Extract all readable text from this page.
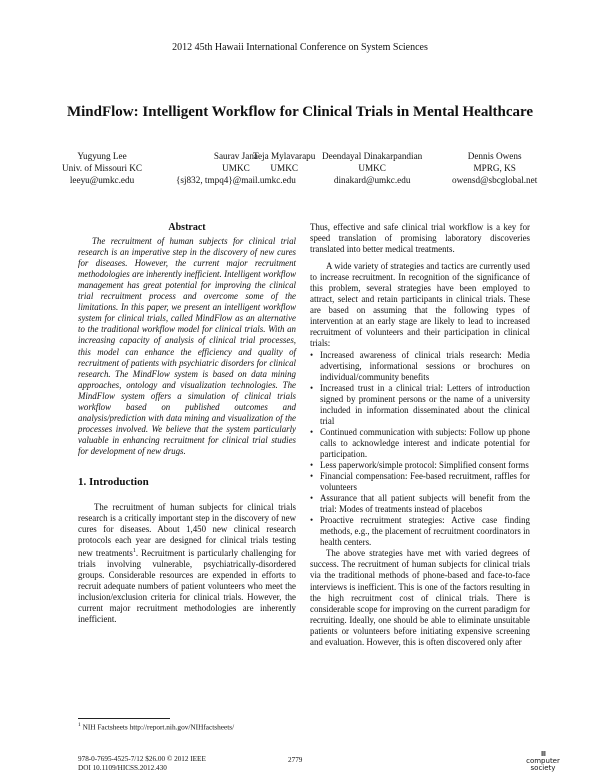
2012 45th Hawaii International Conference on System Sciences
MindFlow: Intelligent Workflow for Clinical Trials in Mental Healthcare
Yugyung Lee
Univ. of Missouri KC
leeyu@umkc.edu
Saurav Jana
UMKC
{sj832, tmpq4}@mail.umkc.edu
Teja Mylavarapu
UMKC
Deendayal Dinakarpandian
UMKC
dinakard@umkc.edu
Dennis Owens
MPRG, KS
owensd@sbcglobal.net
Abstract

The recruitment of human subjects for clinical trial research is an imperative step in the discovery of new cures for diseases. However, the current major recruitment methodologies are inherently inefficient. Intelligent workflow management has great potential for improving the clinical trial recruitment process and overcome some of the limitations. In this paper, we present an intelligent workflow system for clinical trials, called MindFlow as an alternative to the traditional workflow model for clinical trials. With an increasing capacity of analysis of clinical trial processes, this model can enhance the efficiency and quality of recruitment of patients with psychiatric disorders for clinical research. The MindFlow system is based on data mining approaches, ontology and visualization technologies. The MindFlow system offers a simulation of clinical trials workflow based on published outcomes and analysis/prediction with data mining and visualization of the processes involved. We believe that the system particularly valuable in enhancing recruitment for clinical trial studies for development of new drugs.

1. Introduction

The recruitment of human subjects for clinical trials research is a critically important step in the discovery of new cures for diseases. About 1,450 new clinical research protocols each year are designed for clinical trials testing new treatments$^1$. Recruitment is particularly challenging for trials involving vulnerable, psychiatrically-disordered groups. Considerable resources are expended in efforts to recruit adequate numbers of patient volunteers who meet the inclusion/exclusion criteria for clinical trials. However, the current major recruitment methodologies are inherently inefficient.

Thus, effective and safe clinical trial workflow is a key for speed translation of promising laboratory discoveries translated into better medical treatments.

A wide variety of strategies and tactics are currently used to increase recruitment. In recognition of the significance of this problem, several strategies have been employed to attract, select and retain participants in clinical trials. These are based on assuming that the following types of intervention at an early stage are likely to lead to increased recruitment of volunteers and their participation in clinical trials:

• Increased awareness of clinical trials research: Media advertising, informational sessions or brochures on individual/community benefits
• Increased trust in a clinical trial: Letters of introduction signed by prominent persons or the name of a university included in information disseminated about the clinical trial
• Continued communication with subjects: Follow up phone calls to acknowledge interest and indicate potential for participation.
• Less paperwork/simple protocol: Simplified consent forms
• Financial compensation: Fee-based recruitment, raffles for volunteers
• Assurance that all patient subjects will benefit from the trial: Modes of treatments instead of placebos
• Proactive recruitment strategies: Active case finding methods, e.g., the placement of recruitment coordinators in health centers.

The above strategies have met with varied degrees of success. The recruitment of human subjects for clinical trials via the traditional methods of phone-based and face-to-face interviews is inefficient. This is one of the factors resulting in the high recruitment cost of clinical trials. There is considerable scope for improving on the current paradigm for recruiting. Ideally, one should be able to eliminate unsuitable patients or volunteers before initiating expensive screening and evaluation. However, this is often discovered only after

$^1$ NIH Factsheets http://report.nih.gov/NIHfactsheets/
978-0-7695-4525-7/12 $26.00 © 2012 IEEE
DOI 10.1109/HICSS.2012.430
2779
IIII
computer
society
